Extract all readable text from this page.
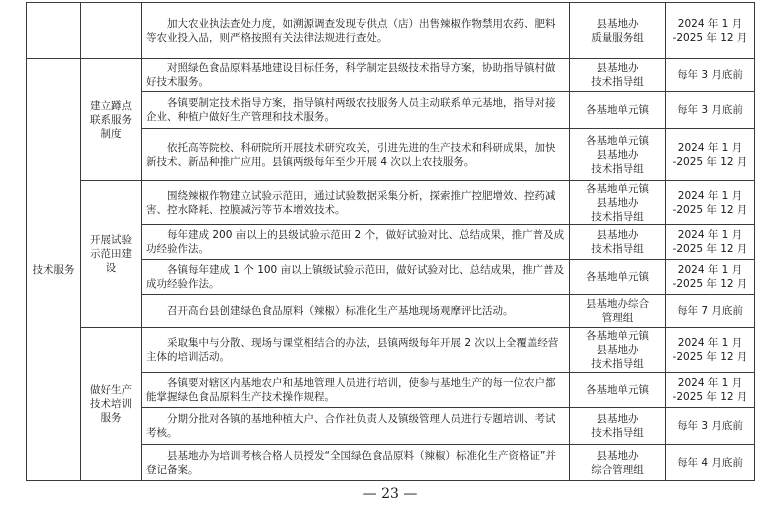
		加大农业执法查处力度，如溯源调查发现专供点（店）出售辣椒作物禁用农药、肥料等农业投入品，则严格按照有关法律法规进行查处。	县基地办
质量服务组	2024 年 1 月
-2025 年 12 月

技术服务	建立蹲点
联系服务
制度	对照绿色食品原料基地建设目标任务，科学制定县级技术指导方案，协助指导镇村做好技术服务。	县基地办
技术指导组	每年 3 月底前

		各镇要制定技术指导方案，指导镇村两级农技服务人员主动联系单元基地，指导对接企业、种植户做好生产管理和技术服务。	各基地单元镇	每年 3 月底前

		依托高等院校、科研院所开展技术研究攻关，引进先进的生产技术和科研成果，加快新技术、新品种推广应用。县镇两级每年至少开展 4 次以上农技服务。	各基地单元镇
县基地办
技术指导组	2024 年 1 月
-2025 年 12 月

	开展试验
示范田建
设	围绕辣椒作物建立试验示范田，通过试验数据采集分析，探索推广控肥增效、控药减害、控水降耗、控膜减污等节本增效技术。	各基地单元镇
县基地办
技术指导组	2024 年 1 月
-2025 年 12 月

		每年建成 200 亩以上的县级试验示范田 2 个，做好试验对比、总结成果，推广普及成功经验作法。	县基地办
技术指导组	2024 年 1 月
-2025 年 12 月

		各镇每年建成 1 个 100 亩以上镇级试验示范田，做好试验对比、总结成果，推广普及成功经验作法。	各基地单元镇	2024 年 1 月
-2025 年 12 月

		召开高台县创建绿色食品原料（辣椒）标准化生产基地现场观摩评比活动。	县基地办综合
管理组	每年 7 月底前

	做好生产
技术培训
服务	采取集中与分散、现场与课堂相结合的办法，县镇两级每年开展 2 次以上全覆盖经营主体的培训活动。	各基地单元镇
县基地办
技术指导组	2024 年 1 月
-2025 年 12 月

		各镇要对辖区内基地农户和基地管理人员进行培训，使参与基地生产的每一位农户都能掌握绿色食品原料生产技术操作规程。	各基地单元镇	2024 年 1 月
-2025 年 12 月

		分期分批对各镇的基地种植大户、合作社负责人及镇级管理人员进行专题培训、考试考核。	县基地办
技术指导组	每年 3 月底前

		县基地办为培训考核合格人员授发“全国绿色食品原料（辣椒）标准化生产资格证”并登记备案。	县基地办
综合管理组	每年 4 月底前
— 23 —
